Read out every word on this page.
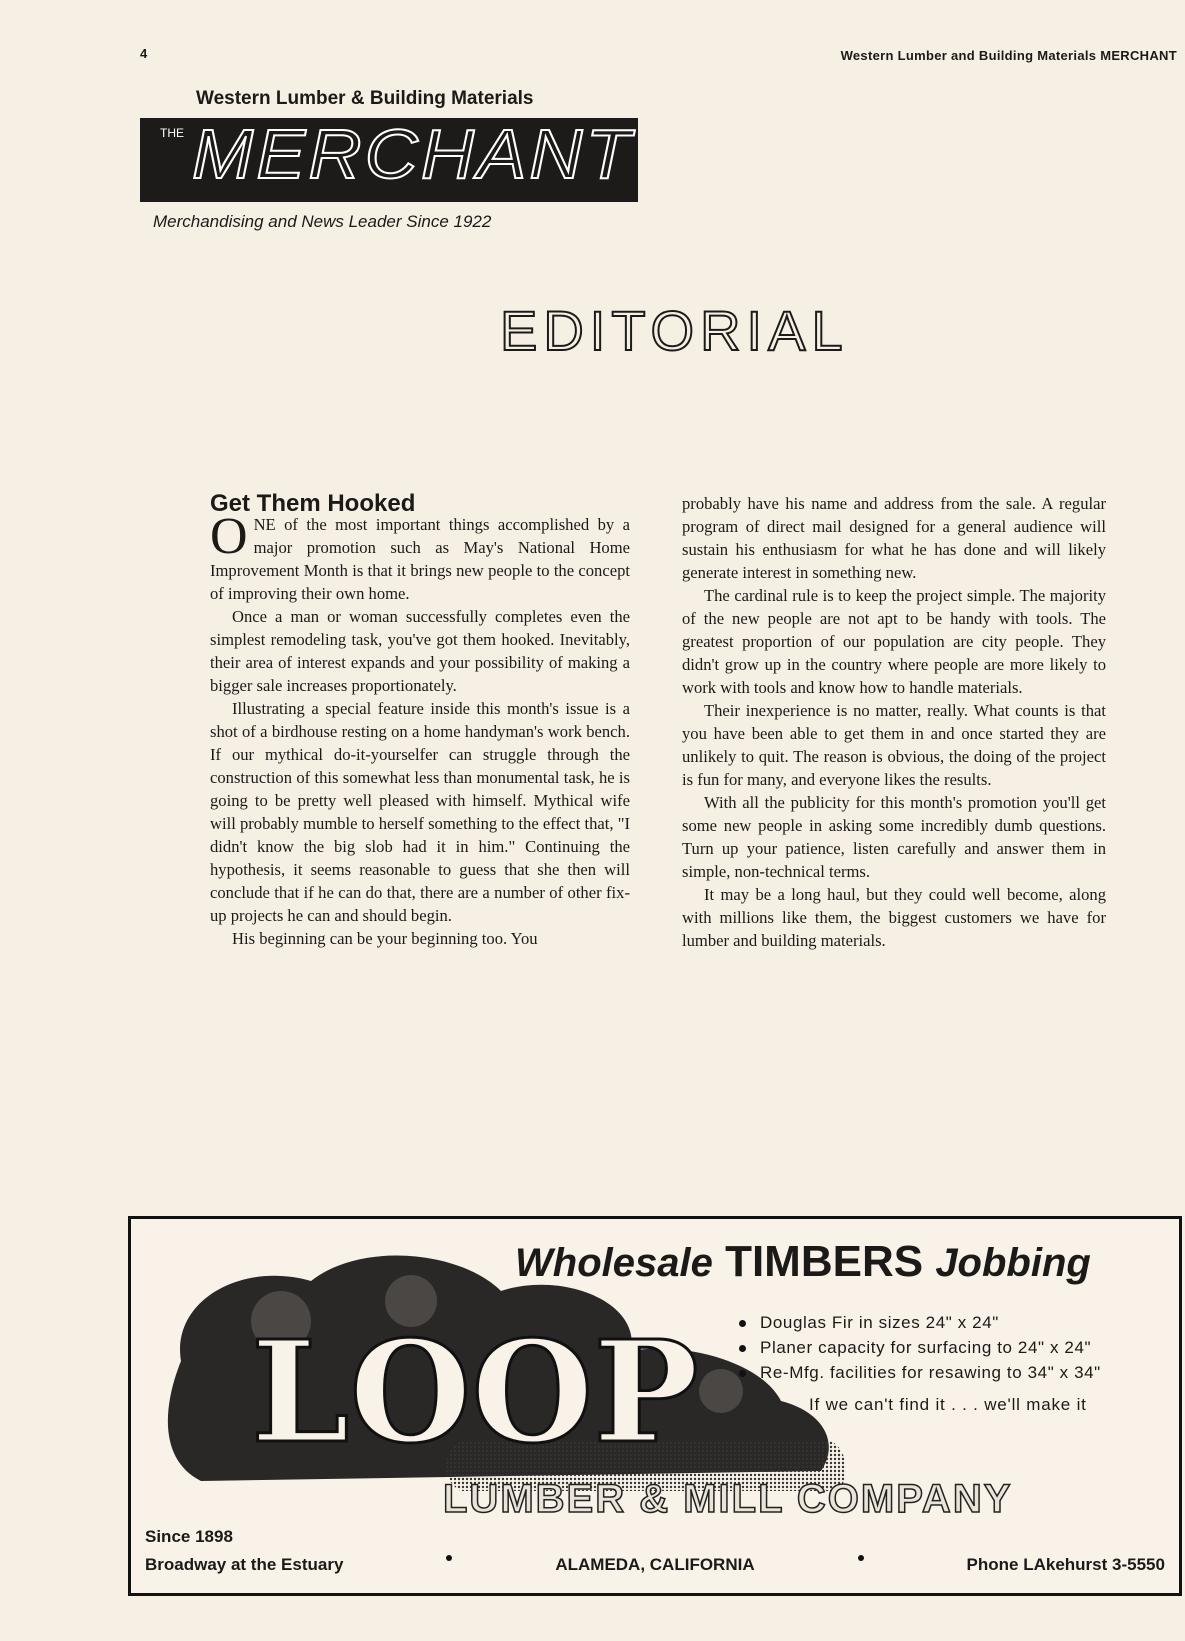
4	Western Lumber and Building Materials MERCHANT
Western Lumber & Building Materials
THE MERCHANT
Merchandising and News Leader Since 1922
EDITORIAL
Get Them Hooked

ONE of the most important things accomplished by a major promotion such as May's National Home Improvement Month is that it brings new people to the concept of improving their own home.

Once a man or woman successfully completes even the simplest remodeling task, you've got them hooked. Inevitably, their area of interest expands and your possibility of making a bigger sale increases proportionately.

Illustrating a special feature inside this month's issue is a shot of a birdhouse resting on a home handyman's work bench. If our mythical do-it-yourselfer can struggle through the construction of this somewhat less than monumental task, he is going to be pretty well pleased with himself. Mythical wife will probably mumble to herself something to the effect that, "I didn't know the big slob had it in him." Continuing the hypothesis, it seems reasonable to guess that she then will conclude that if he can do that, there are a number of other fix-up projects he can and should begin.

His beginning can be your beginning too. You

probably have his name and address from the sale. A regular program of direct mail designed for a general audience will sustain his enthusiasm for what he has done and will likely generate interest in something new.

The cardinal rule is to keep the project simple. The majority of the new people are not apt to be handy with tools. The greatest proportion of our population are city people. They didn't grow up in the country where people are more likely to work with tools and know how to handle materials.

Their inexperience is no matter, really. What counts is that you have been able to get them in and once started they are unlikely to quit. The reason is obvious, the doing of the project is fun for many, and everyone likes the results.

With all the publicity for this month's promotion you'll get some new people in asking some incredibly dumb questions. Turn up your patience, listen carefully and answer them in simple, non-technical terms.

It may be a long haul, but they could well become, along with millions like them, the biggest customers we have for lumber and building materials.

LOOP
Wholesale TIMBERS Jobbing
Douglas Fir in sizes 24" x 24"
Planer capacity for surfacing to 24" x 24"
Re-Mfg. facilities for resawing to 34" x 34"
If we can't find it . . . we'll make it
LUMBER & MILL COMPANY
Since 1898
Broadway at the Estuary	ALAMEDA, CALIFORNIA	Phone LAkehurst 3-5550
